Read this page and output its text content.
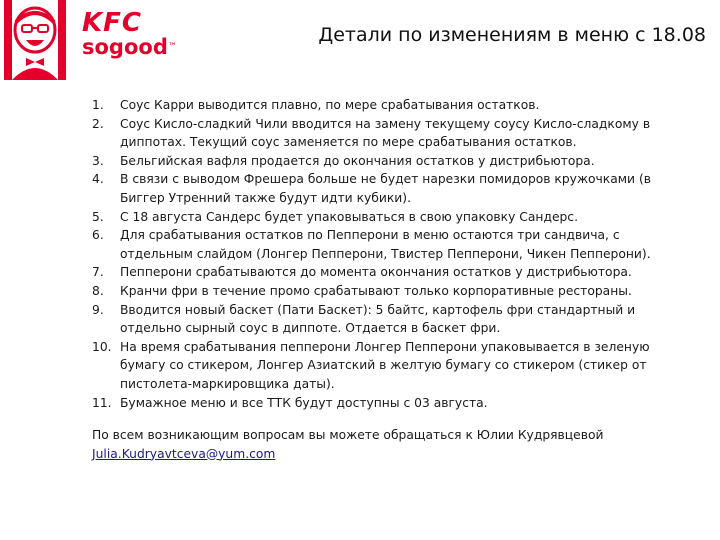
KFC
sogood™
Детали по изменениям в меню с 18.08
1.	Соус Карри выводится плавно, по мере срабатывания остатков.
2.	Соус Кисло-сладкий Чили вводится на замену текущему соусу Кисло-сладкому в диппотах. Текущий соус заменяется по мере срабатывания остатков.
3.	Бельгийская вафля продается до окончания остатков у дистрибьютора.
4.	В связи с выводом Фрешера больше не будет нарезки помидоров кружочками (в Биггер Утренний также будут идти кубики).
5.	С 18 августа Сандерс будет упаковываться в свою упаковку Сандерс.
6.	Для срабатывания остатков по Пепперони в меню остаются три сандвича, с отдельным слайдом (Лонгер Пепперони, Твистер Пепперони, Чикен Пепперони).
7.	Пепперони срабатываются до момента окончания остатков у дистрибьютора.
8.	Кранчи фри в течение промо срабатывают только корпоративные рестораны.
9.	Вводится новый баскет (Пати Баскет): 5 байтс, картофель фри стандартный и отдельно сырный соус в диппоте. Отдается в баскет фри.
10. На время срабатывания пепперони Лонгер Пепперони упаковывается в зеленую бумагу со стикером, Лонгер Азиатский в желтую бумагу со стикером (стикер от пистолета-маркировщика даты).
11. Бумажное меню и все ТТК будут доступны с 03 августа.
По всем возникающим вопросам вы можете обращаться к Юлии Кудрявцевой
Julia.Kudryavtceva@yum.com
